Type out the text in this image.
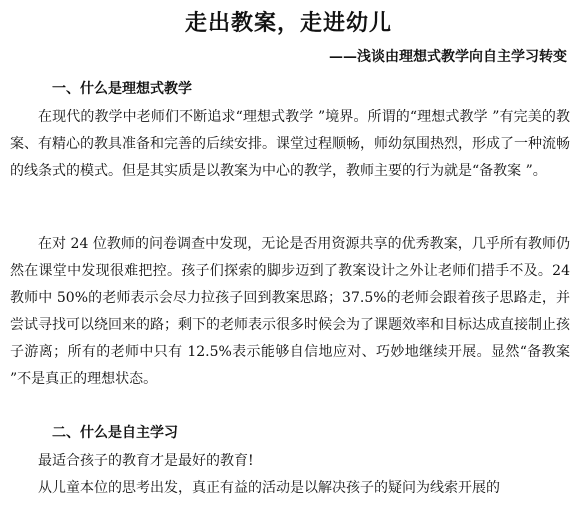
走出教案，走进幼儿

——浅谈由理想式教学向自主学习转变

一、什么是理想式教学

在现代的教学中老师们不断追求“理想式教学 ”境界。所谓的“理想式教学 ”有完美的教案、有精心的教具准备和完善的后续安排。课堂过程顺畅，师幼氛围热烈，形成了一种流畅的线条式的模式。但是其实质是以教案为中心的教学，教师主要的行为就是“备教案 ”。

在对 24 位教师的问卷调查中发现，无论是否用资源共享的优秀教案，几乎所有教师仍然在课堂中发现很难把控。孩子们探索的脚步迈到了教案设计之外让老师们措手不及。24 教师中 50%的老师表示会尽力拉孩子回到教案思路；37.5%的老师会跟着孩子思路走，并尝试寻找可以绕回来的路；剩下的老师表示很多时候会为了课题效率和目标达成直接制止孩子游离；所有的老师中只有 12.5%表示能够自信地应对、巧妙地继续开展。显然“备教案 ”不是真正的理想状态。

二、什么是自主学习

最适合孩子的教育才是最好的教育!

从儿童本位的思考出发，真正有益的活动是以解决孩子的疑问为线索开展的
